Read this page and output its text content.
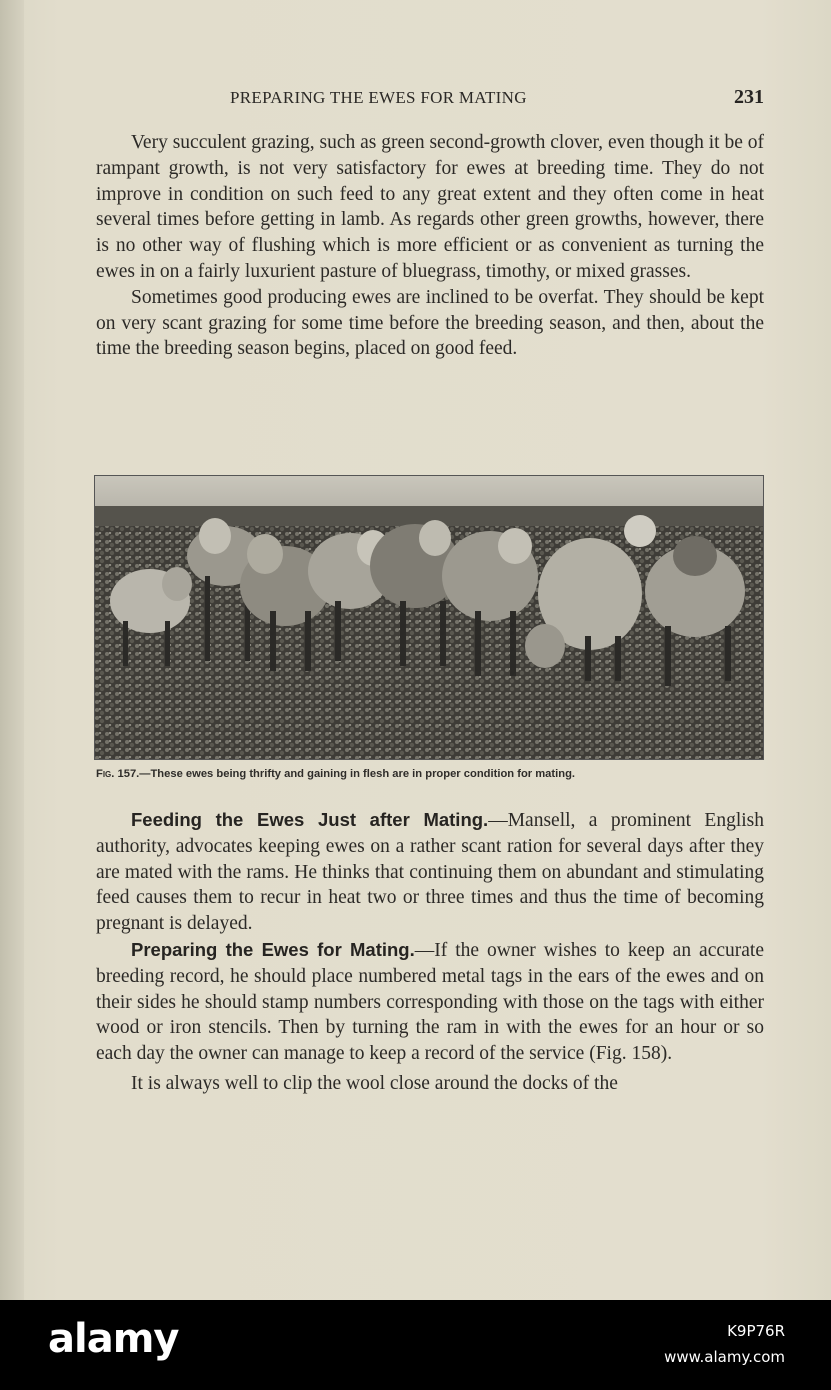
PREPARING THE EWES FOR MATING	231

Very succulent grazing, such as green second-growth clover, even though it be of rampant growth, is not very satisfactory for ewes at breeding time. They do not improve in condition on such feed to any great extent and they often come in heat several times before getting in lamb. As regards other green growths, however, there is no other way of flushing which is more efficient or as convenient as turning the ewes in on a fairly luxurient pasture of bluegrass, timothy, or mixed grasses.

Sometimes good producing ewes are inclined to be overfat. They should be kept on very scant grazing for some time before the breeding season, and then, about the time the breeding season begins, placed on good feed.

Fig. 157.—These ewes being thrifty and gaining in flesh are in proper condition for mating.

Feeding the Ewes Just after Mating.—Mansell, a prominent English authority, advocates keeping ewes on a rather scant ration for several days after they are mated with the rams. He thinks that continuing them on abundant and stimulating feed causes them to recur in heat two or three times and thus the time of becoming pregnant is delayed.

Preparing the Ewes for Mating.—If the owner wishes to keep an accurate breeding record, he should place numbered metal tags in the ears of the ewes and on their sides he should stamp numbers corresponding with those on the tags with either wood or iron stencils. Then by turning the ram in with the ewes for an hour or so each day the owner can manage to keep a record of the service (Fig. 158).

It is always well to clip the wool close around the docks of the

alamy	K9P76R
www.alamy.com
